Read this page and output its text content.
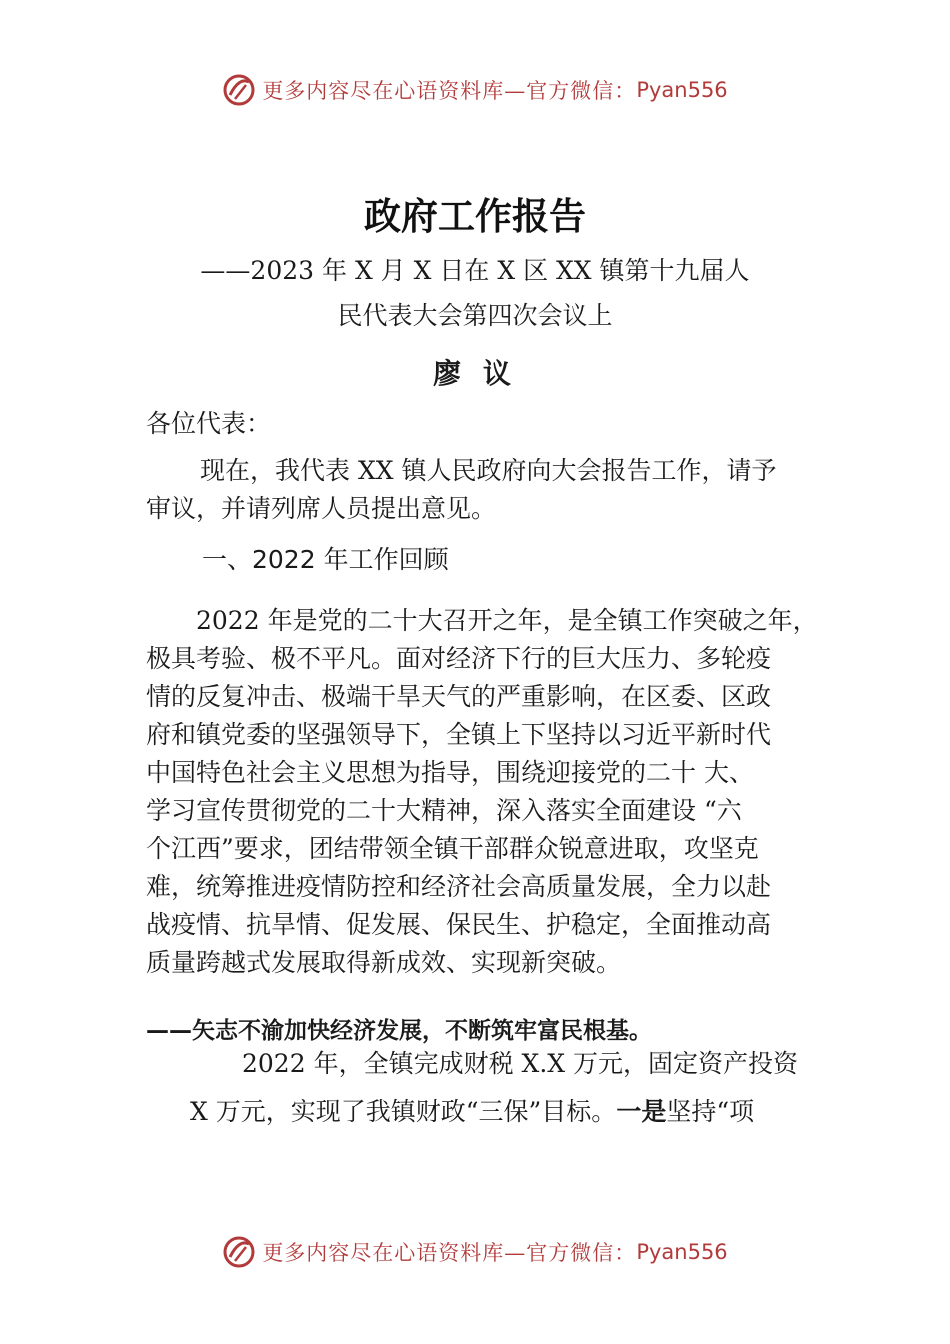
更多内容尽在心语资料库—官方微信： Pyan556
政府工作报告
——2023 年 X 月 X 日在 X 区 XX 镇第十九届人
民代表大会第四次会议上
廖 议
各位代表：
现在，我代表 XX 镇人民政府向大会报告工作，请予 审议，并请列席人员提出意见。
一、2022 年工作回顾
2022 年是党的二十大召开之年，是全镇工作突破之年，
极具考验、极不平凡。面对经济下行的巨大压力、多轮疫
情的反复冲击、极端干旱天气的严重影响，在区委、区政
府和镇党委的坚强领导下，全镇上下坚持以习近平新时代
中国特色社会主义思想为指导，围绕迎接党的二十 大、
学习宣传贯彻党的二十大精神，深入落实全面建设 “六
个江西”要求，团结带领全镇干部群众锐意进取，攻坚克
难，统筹推进疫情防控和经济社会高质量发展，全力以赴
战疫情、抗旱情、促发展、保民生、护稳定，全面推动高
质量跨越式发展取得新成效、实现新突破。
——矢志不渝加快经济发展，不断筑牢富民根基。
2022 年，全镇完成财税 X.X 万元，固定资产投资
X 万元，实现了我镇财政“三保”目标。一是坚持“项
更多内容尽在心语资料库—官方微信： Pyan556
